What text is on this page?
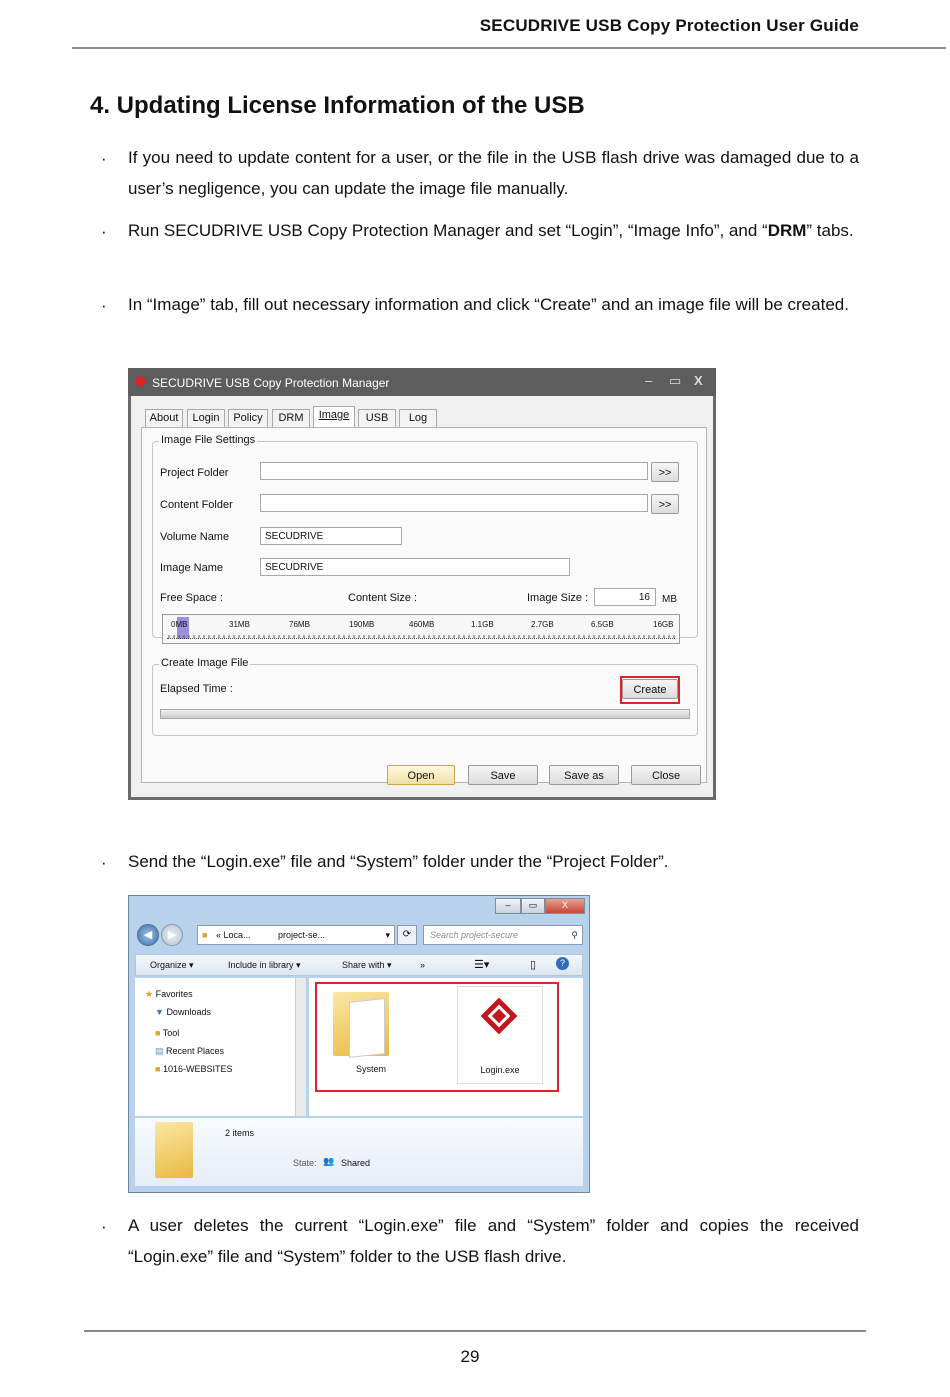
SECUDRIVE USB Copy Protection User Guide
4. Updating License Information of the USB
· If you need to update content for a user, or the file in the USB flash drive was damaged due to a user’s negligence, you can update the image file manually.
· Run SECUDRIVE USB Copy Protection Manager and set “Login”, “Image Info”, and “DRM” tabs.
· In “Image” tab, fill out necessary information and click “Create” and an image file will be created.
SECUDRIVE USB Copy Protection Manager	– ▭ X
About	Login	Policy	DRM	Image	USB	Log
Image File Settings
Project Folder	>>
Content Folder	>>
Volume Name	SECUDRIVE
Image Name	SECUDRIVE
Free Space :	Content Size :	Image Size :	16	MB
0MB	31MB	76MB	190MB	460MB	1.1GB	2.7GB	6.5GB	16GB
Create Image File
Elapsed Time :	Create
Open	Save	Save as	Close
· Send the “Login.exe” file and “System” folder under the “Project Folder”.
–	▭	X
◀	▶	■ « Loca...	project-se...	▾	⟳	Search project-secure	⚲
Organize ▾	Include in library ▾	Share with ▾	»	☰▾	▯	?
★ Favorites
▼ Downloads
■ Tool
▤ Recent Places
■ 1016-WEBSITES	System	Login.exe
2 items
State: 👥 Shared
· A user deletes the current “Login.exe” file and “System” folder and copies the received “Login.exe” file and “System” folder to the USB flash drive.
29
